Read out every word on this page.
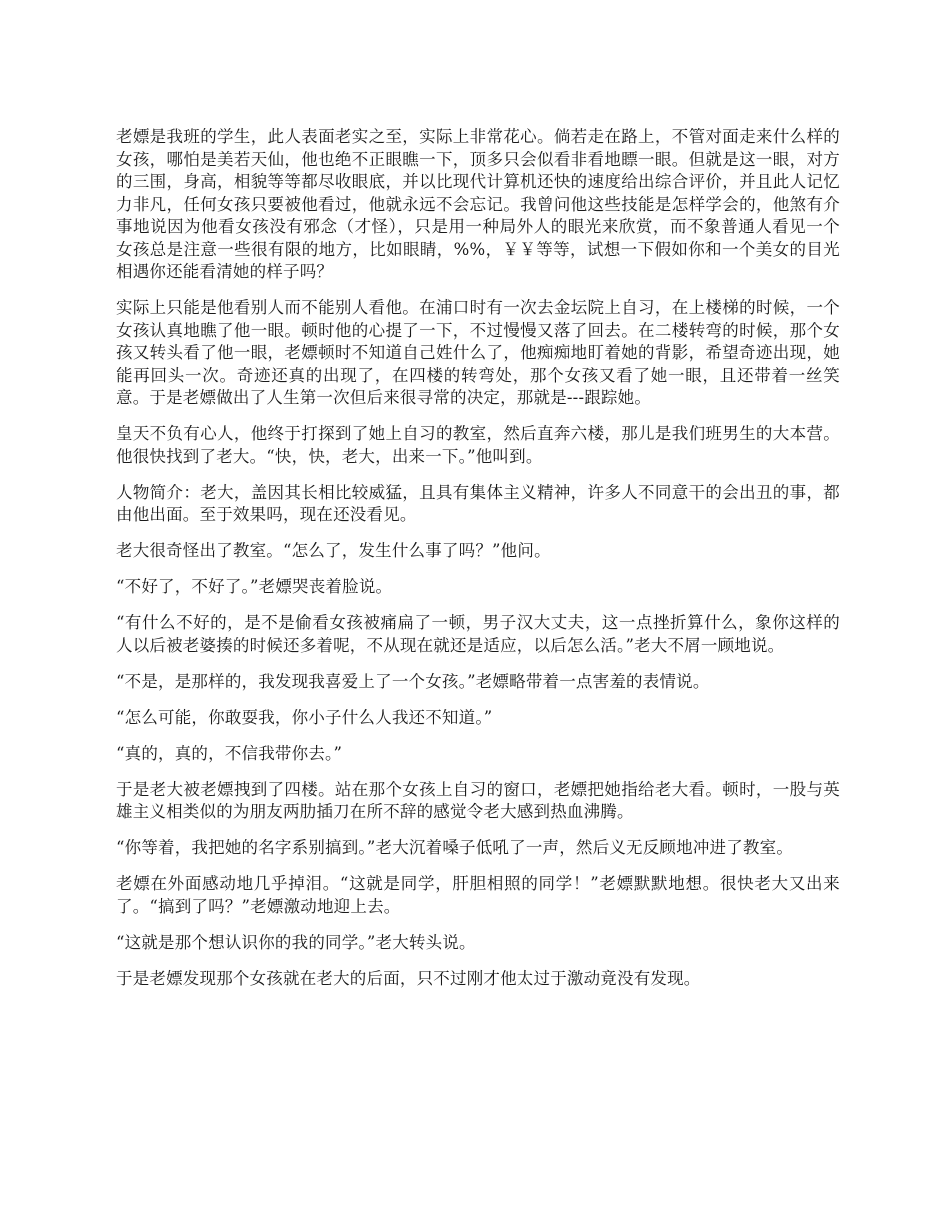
老嫖是我班的学生，此人表面老实之至，实际上非常花心。倘若走在路上，不管对面走来什么样的女孩，哪怕是美若天仙，他也绝不正眼瞧一下，顶多只会似看非看地瞟一眼。但就是这一眼，对方的三围，身高，相貌等等都尽收眼底，并以比现代计算机还快的速度给出综合评价，并且此人记忆力非凡，任何女孩只要被他看过，他就永远不会忘记。我曾问他这些技能是怎样学会的，他煞有介事地说因为他看女孩没有邪念（才怪），只是用一种局外人的眼光来欣赏，而不象普通人看见一个女孩总是注意一些很有限的地方，比如眼睛，%%，￥￥等等，试想一下假如你和一个美女的目光相遇你还能看清她的样子吗？

实际上只能是他看别人而不能别人看他。在浦口时有一次去金坛院上自习，在上楼梯的时候，一个女孩认真地瞧了他一眼。顿时他的心提了一下，不过慢慢又落了回去。在二楼转弯的时候，那个女孩又转头看了他一眼，老嫖顿时不知道自己姓什么了，他痴痴地盯着她的背影，希望奇迹出现，她能再回头一次。奇迹还真的出现了，在四楼的转弯处，那个女孩又看了她一眼，且还带着一丝笑意。于是老嫖做出了人生第一次但后来很寻常的决定，那就是---跟踪她。

皇天不负有心人，他终于打探到了她上自习的教室，然后直奔六楼，那儿是我们班男生的大本营。他很快找到了老大。“快，快，老大，出来一下。”他叫到。

人物简介：老大，盖因其长相比较威猛，且具有集体主义精神，许多人不同意干的会出丑的事，都由他出面。至于效果吗，现在还没看见。

老大很奇怪出了教室。“怎么了，发生什么事了吗？”他问。

“不好了，不好了。”老嫖哭丧着脸说。

“有什么不好的，是不是偷看女孩被痛扁了一顿，男子汉大丈夫，这一点挫折算什么，象你这样的人以后被老婆揍的时候还多着呢，不从现在就还是适应，以后怎么活。”老大不屑一顾地说。

“不是，是那样的，我发现我喜爱上了一个女孩。”老嫖略带着一点害羞的表情说。

“怎么可能，你敢耍我，你小子什么人我还不知道。”

“真的，真的，不信我带你去。”

于是老大被老嫖拽到了四楼。站在那个女孩上自习的窗口，老嫖把她指给老大看。顿时，一股与英雄主义相类似的为朋友两肋插刀在所不辞的感觉令老大感到热血沸腾。

“你等着，我把她的名字系别搞到。”老大沉着嗓子低吼了一声，然后义无反顾地冲进了教室。

老嫖在外面感动地几乎掉泪。“这就是同学，肝胆相照的同学！”老嫖默默地想。很快老大又出来了。“搞到了吗？”老嫖激动地迎上去。

“这就是那个想认识你的我的同学。”老大转头说。

于是老嫖发现那个女孩就在老大的后面，只不过刚才他太过于激动竟没有发现。
